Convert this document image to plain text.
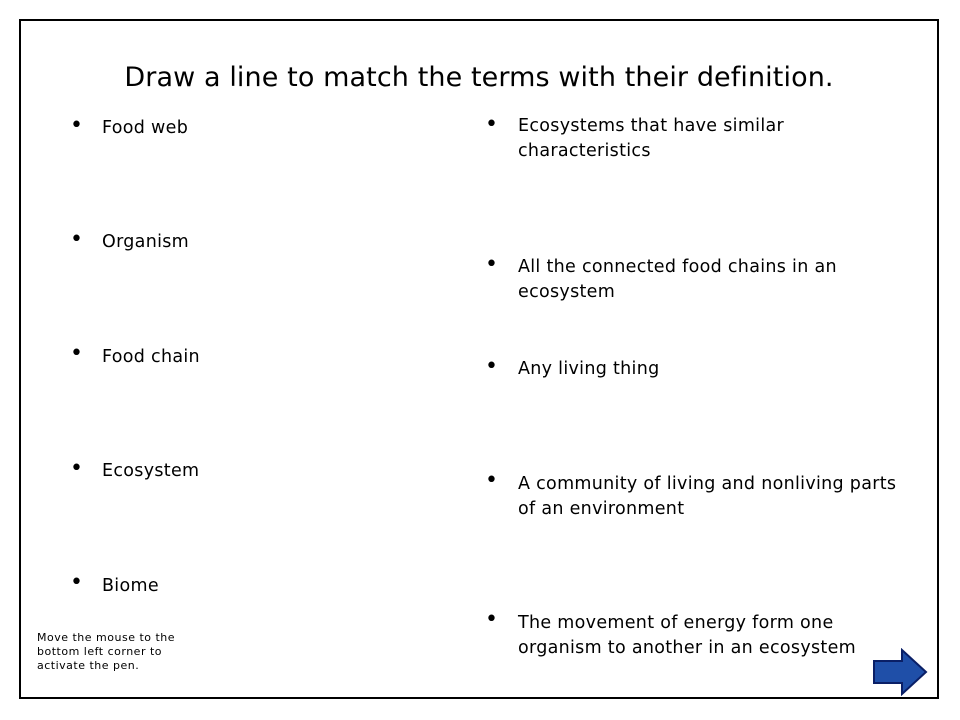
Draw a line to match the terms with their definition.
• Food web
• Organism
• Food chain
• Ecosystem
• Biome
• Ecosystems that have similar characteristics
• All the connected food chains in an ecosystem
• Any living thing
• A community of living and nonliving parts of an environment
• The movement of energy form one organism to another in an ecosystem
Move the mouse to the bottom left corner to activate the pen.
